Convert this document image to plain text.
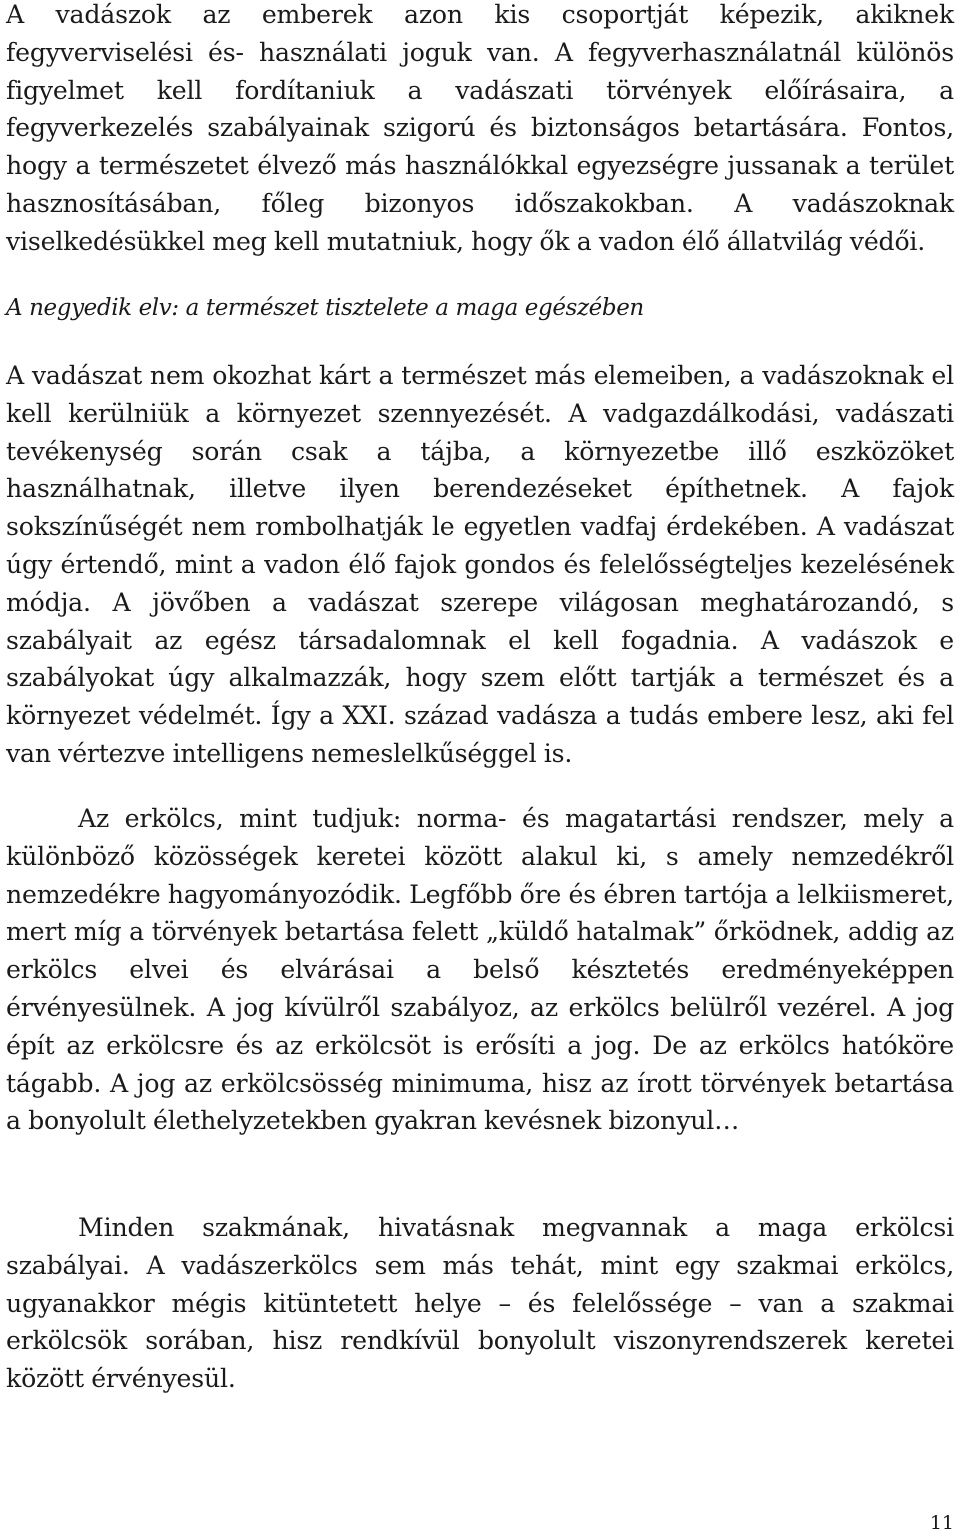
A vadászok az emberek azon kis csoportját képezik, akiknek fegyverviselési és- használati joguk van. A fegyverhasználatnál különös figyelmet kell fordítaniuk a vadászati törvények előírásaira, a fegyverkezelés szabályainak szigorú és biztonságos betartására. Fontos, hogy a természetet élvező más használókkal egyezségre jussanak a terület hasznosításában, főleg bizonyos időszakokban. A vadászoknak viselkedésükkel meg kell mutatniuk, hogy ők a vadon élő állatvilág védői.

A negyedik elv: a természet tisztelete a maga egészében

A vadászat nem okozhat kárt a természet más elemeiben, a vadászoknak el kell kerülniük a környezet szennyezését. A vadgazdálkodási, vadászati tevékenység során csak a tájba, a környezetbe illő eszközöket használhatnak, illetve ilyen berendezéseket építhetnek. A fajok sokszínűségét nem rombolhatják le egyetlen vadfaj érdekében. A vadászat úgy értendő, mint a vadon élő fajok gondos és felelősségteljes kezelésének módja. A jövőben a vadászat szerepe világosan meghatározandó, s szabályait az egész társadalomnak el kell fogadnia. A vadászok e szabályokat úgy alkalmazzák, hogy szem előtt tartják a természet és a környezet védelmét. Így a XXI. század vadásza a tudás embere lesz, aki fel van vértezve intelligens nemeslelkűséggel is.

Az erkölcs, mint tudjuk: norma- és magatartási rendszer, mely a különböző közösségek keretei között alakul ki, s amely nemzedékről nemzedékre hagyományozódik. Legfőbb őre és ébren tartója a lelkiismeret, mert míg a törvények betartása felett „küldő hatalmak” őrködnek, addig az erkölcs elvei és elvárásai a belső késztetés eredményeképpen érvényesülnek. A jog kívülről szabályoz, az erkölcs belülről vezérel. A jog épít az erkölcsre és az erkölcsöt is erősíti a jog. De az erkölcs hatóköre tágabb. A jog az erkölcsösség minimuma, hisz az írott törvények betartása a bonyolult élethelyzetekben gyakran kevésnek bizonyul…

Minden szakmának, hivatásnak megvannak a maga erkölcsi szabályai. A vadászerkölcs sem más tehát, mint egy szakmai erkölcs, ugyanakkor mégis kitüntetett helye – és felelőssége – van a szakmai erkölcsök sorában, hisz rendkívül bonyolult viszonyrendszerek keretei között érvényesül.

11
